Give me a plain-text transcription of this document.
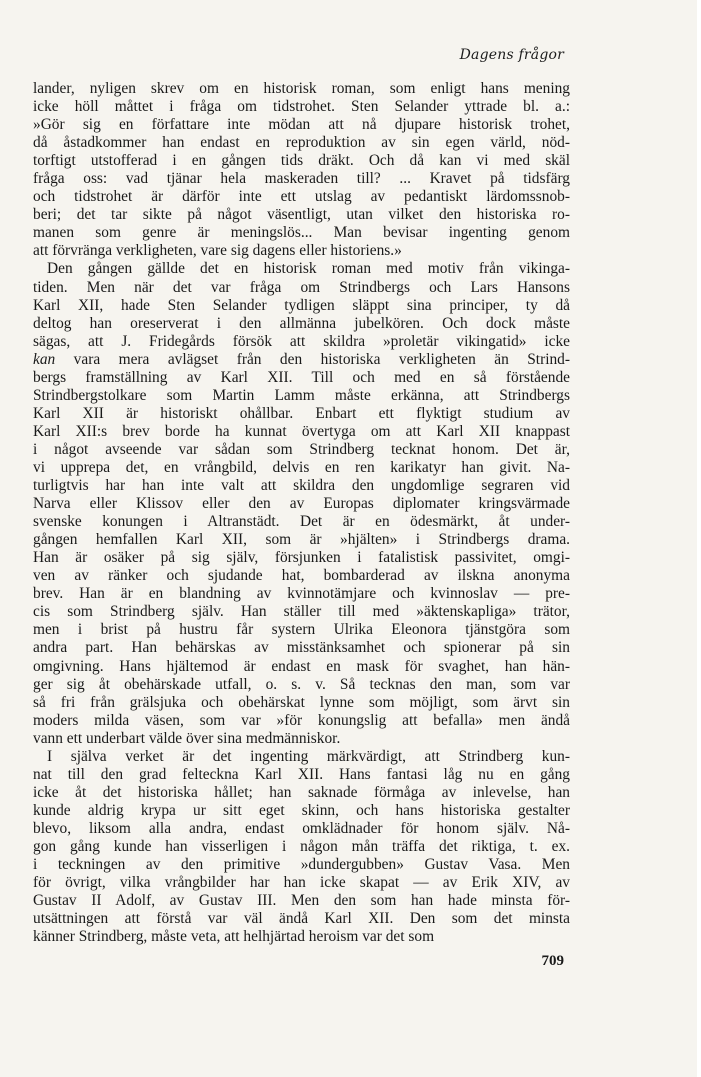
Dagens frågor
lander, nyligen skrev om en historisk roman, som enligt hans mening
icke höll måttet i fråga om tidstrohet. Sten Selander yttrade bl. a.:
»Gör sig en författare inte mödan att nå djupare historisk trohet,
då åstadkommer han endast en reproduktion av sin egen värld, nöd-
torftigt utstofferad i en gången tids dräkt. Och då kan vi med skäl
fråga oss: vad tjänar hela maskeraden till? ... Kravet på tidsfärg
och tidstrohet är därför inte ett utslag av pedantiskt lärdomssnob-
beri; det tar sikte på något väsentligt, utan vilket den historiska ro-
manen som genre är meningslös... Man bevisar ingenting genom
att förvränga verkligheten, vare sig dagens eller historiens.»
Den gången gällde det en historisk roman med motiv från vikinga-
tiden. Men när det var fråga om Strindbergs och Lars Hansons
Karl XII, hade Sten Selander tydligen släppt sina principer, ty då
deltog han oreserverat i den allmänna jubelkören. Och dock måste
sägas, att J. Fridegårds försök att skildra »proletär vikingatid» icke
kan vara mera avlägset från den historiska verkligheten än Strind-
bergs framställning av Karl XII. Till och med en så förstående
Strindbergstolkare som Martin Lamm måste erkänna, att Strindbergs
Karl XII är historiskt ohållbar. Enbart ett flyktigt studium av
Karl XII:s brev borde ha kunnat övertyga om att Karl XII knappast
i något avseende var sådan som Strindberg tecknat honom. Det är,
vi upprepa det, en vrångbild, delvis en ren karikatyr han givit. Na-
turligtvis har han inte valt att skildra den ungdomlige segraren vid
Narva eller Klissov eller den av Europas diplomater kringsvärmade
svenske konungen i Altranstädt. Det är en ödesmärkt, åt under-
gången hemfallen Karl XII, som är »hjälten» i Strindbergs drama.
Han är osäker på sig själv, försjunken i fatalistisk passivitet, omgi-
ven av ränker och sjudande hat, bombarderad av ilskna anonyma
brev. Han är en blandning av kvinnotämjare och kvinnoslav — pre-
cis som Strindberg själv. Han ställer till med »äktenskapliga» trätor,
men i brist på hustru får systern Ulrika Eleonora tjänstgöra som
andra part. Han behärskas av misstänksamhet och spionerar på sin
omgivning. Hans hjältemod är endast en mask för svaghet, han hän-
ger sig åt obehärskade utfall, o. s. v. Så tecknas den man, som var
så fri från grälsjuka och obehärskat lynne som möjligt, som ärvt sin
moders milda väsen, som var »för konungslig att befalla» men ändå
vann ett underbart välde över sina medmänniskor.
I själva verket är det ingenting märkvärdigt, att Strindberg kun-
nat till den grad felteckna Karl XII. Hans fantasi låg nu en gång
icke åt det historiska hållet; han saknade förmåga av inlevelse, han
kunde aldrig krypa ur sitt eget skinn, och hans historiska gestalter
blevo, liksom alla andra, endast omklädnader för honom själv. Nå-
gon gång kunde han visserligen i någon mån träffa det riktiga, t. ex.
i teckningen av den primitive »dundergubben» Gustav Vasa. Men
för övrigt, vilka vrångbilder har han icke skapat — av Erik XIV, av
Gustav II Adolf, av Gustav III. Men den som han hade minsta för-
utsättningen att förstå var väl ändå Karl XII. Den som det minsta
känner Strindberg, måste veta, att helhjärtad heroism var det som
709
